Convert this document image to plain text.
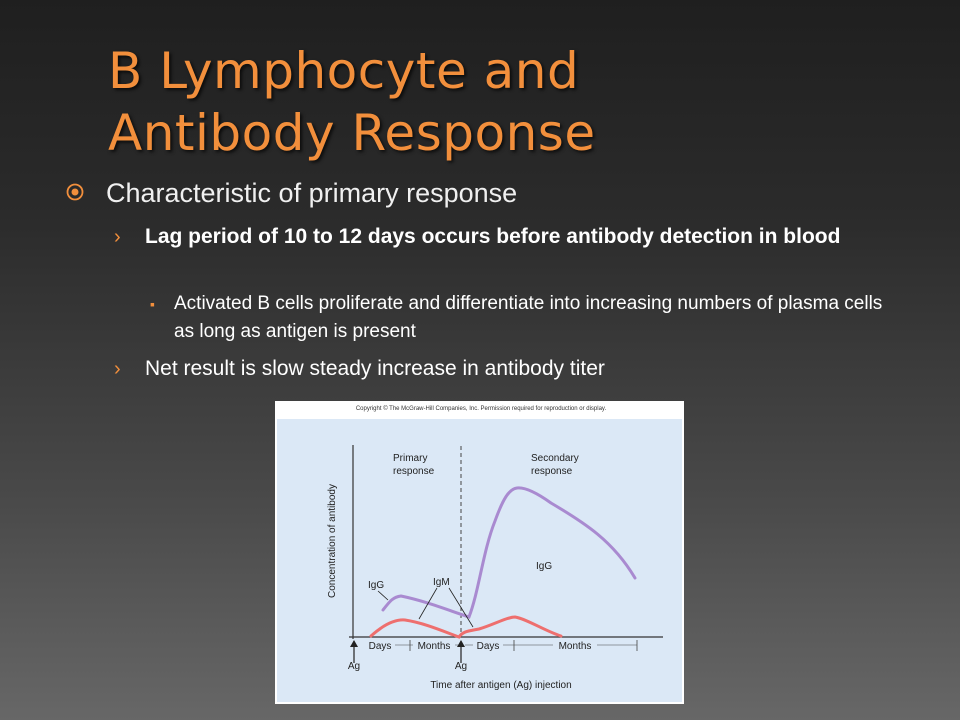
B Lymphocyte and
Antibody Response
Characteristic of primary response
› Lag period of 10 to 12 days occurs before antibody detection in blood
▪ Activated B cells proliferate and differentiate into increasing numbers of plasma cells as long as antigen is present
› Net result is slow steady increase in antibody titer
Copyright © The McGraw-Hill Companies, Inc. Permission required for reproduction or display.
Concentration of antibody
Primary
response
Secondary
response
IgG	IgM
IgG
Days	Months	Days	Months
Ag	Ag
Time after antigen (Ag) injection
